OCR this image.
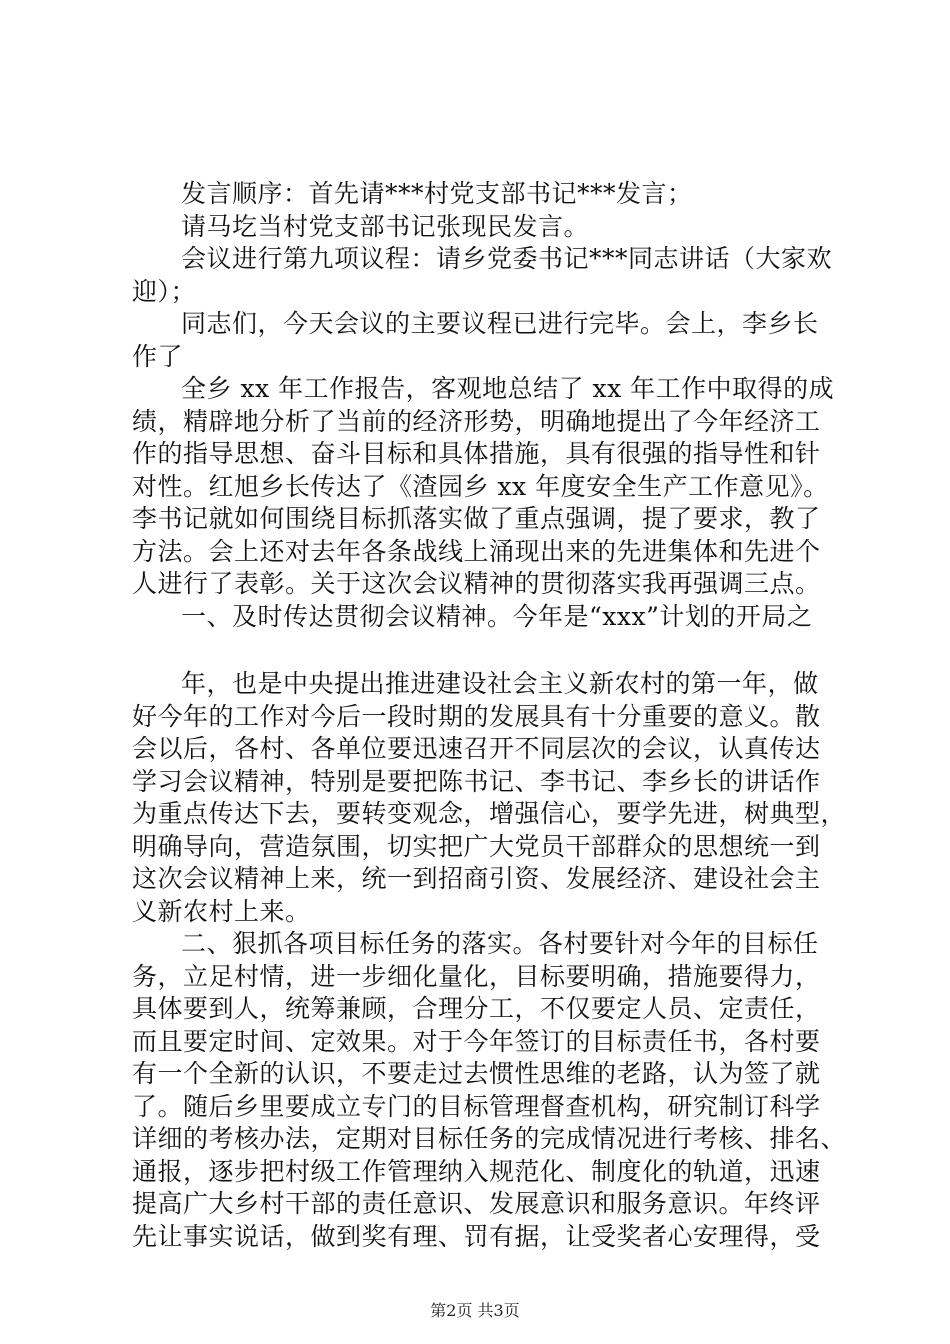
发言顺序：首先请***村党支部书记***发言；
请马圪当村党支部书记张现民发言。
会议进行第九项议程：请乡党委书记***同志讲话（大家欢
迎）；
同志们，今天会议的主要议程已进行完毕。会上，李乡长
作了
全乡 xx 年工作报告，客观地总结了 xx 年工作中取得的成
绩，精辟地分析了当前的经济形势，明确地提出了今年经济工
作的指导思想、奋斗目标和具体措施，具有很强的指导性和针
对性。红旭乡长传达了《渣园乡 xx 年度安全生产工作意见》。
李书记就如何围绕目标抓落实做了重点强调，提了要求，教了
方法。会上还对去年各条战线上涌现出来的先进集体和先进个
人进行了表彰。关于这次会议精神的贯彻落实我再强调三点。
一、及时传达贯彻会议精神。今年是“xxx”计划的开局之
年，也是中央提出推进建设社会主义新农村的第一年，做
好今年的工作对今后一段时期的发展具有十分重要的意义。散
会以后，各村、各单位要迅速召开不同层次的会议，认真传达
学习会议精神，特别是要把陈书记、李书记、李乡长的讲话作
为重点传达下去，要转变观念，增强信心，要学先进，树典型，
明确导向，营造氛围，切实把广大党员干部群众的思想统一到
这次会议精神上来，统一到招商引资、发展经济、建设社会主
义新农村上来。
二、狠抓各项目标任务的落实。各村要针对今年的目标任
务，立足村情，进一步细化量化，目标要明确，措施要得力，
具体要到人，统筹兼顾，合理分工，不仅要定人员、定责任，
而且要定时间、定效果。对于今年签订的目标责任书，各村要
有一个全新的认识，不要走过去惯性思维的老路，认为签了就
了。随后乡里要成立专门的目标管理督查机构，研究制订科学
详细的考核办法，定期对目标任务的完成情况进行考核、排名、
通报，逐步把村级工作管理纳入规范化、制度化的轨道，迅速
提高广大乡村干部的责任意识、发展意识和服务意识。年终评
先让事实说话，做到奖有理、罚有据，让受奖者心安理得，受
第2页 共3页
